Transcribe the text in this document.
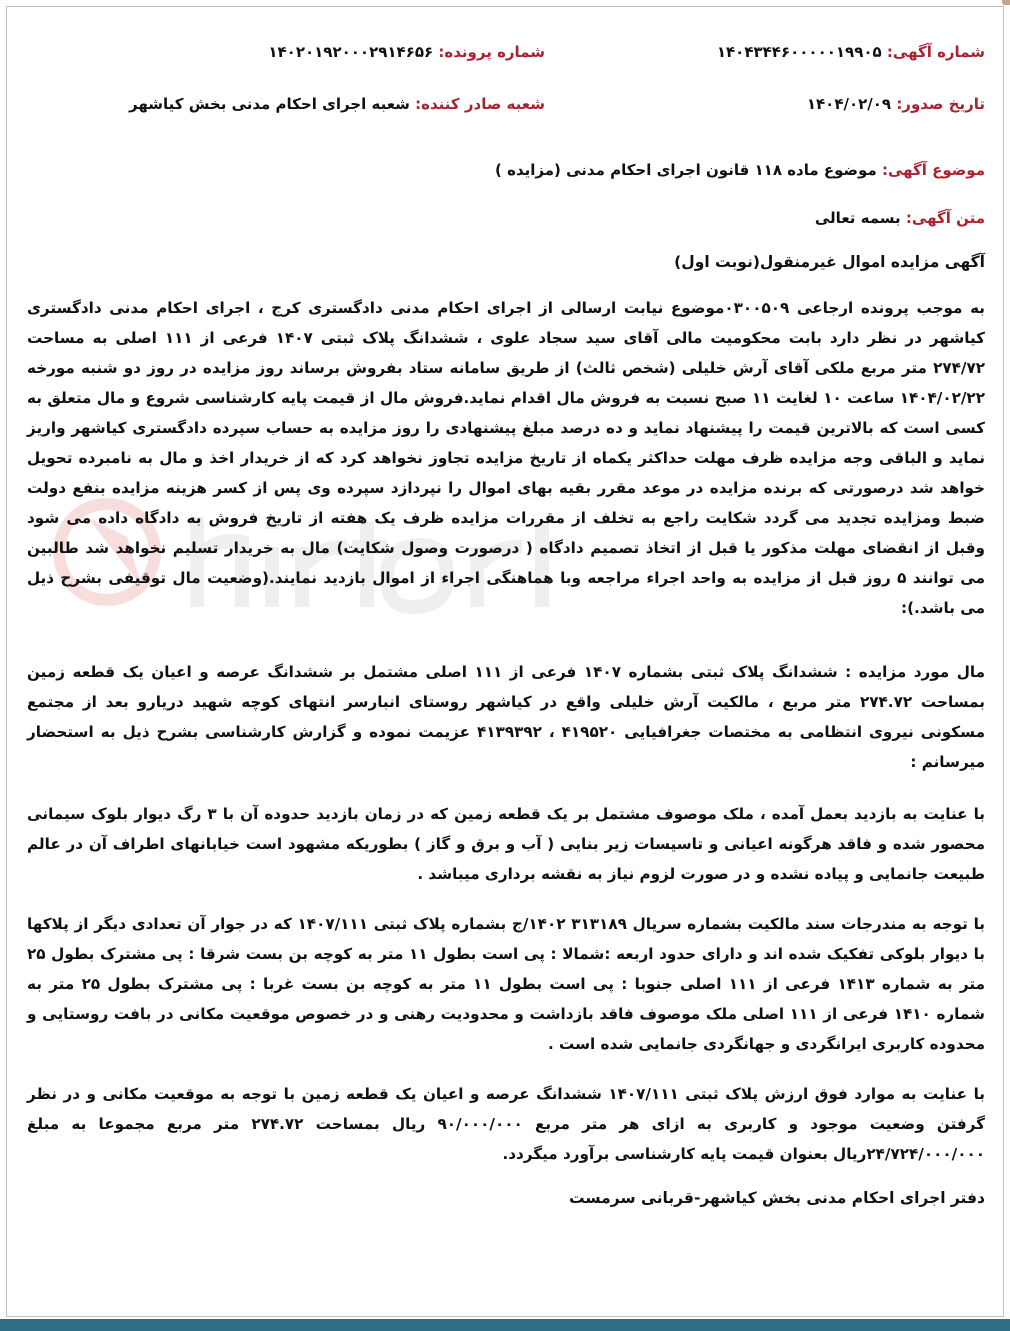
شماره آگهی: ۱۴۰۴۳۴۴۶۰۰۰۰۰۱۹۹۰۵
شماره پرونده: ۱۴۰۲۰۱۹۲۰۰۰۲۹۱۴۶۵۶
تاریخ صدور: ۱۴۰۴/۰۲/۰۹
شعبه صادر کننده: شعبه اجرای احکام مدنی بخش کیاشهر
موضوع آگهی: موضوع ماده ۱۱۸ قانون اجرای احکام مدنی (مزایده )
متن آگهی: بسمه تعالی
آگهی مزایده اموال غیرمنقول(نوبت اول)
به موجب پرونده ارجاعی ۰۳۰۰۵۰۹موضوع نیابت ارسالی از اجرای احکام مدنی دادگستری کرج ، اجرای احکام مدنی دادگستری کیاشهر در نظر دارد بابت محکومیت مالی آقای سید سجاد علوی ، ششدانگ پلاک ثبتی ۱۴۰۷ فرعی از ۱۱۱ اصلی به مساحت ۲۷۴/۷۲ متر مربع ملکی آقای آرش خلیلی (شخص ثالث) از طریق سامانه ستاد بفروش برساند روز مزایده در روز دو شنبه مورخه ۱۴۰۴/۰۲/۲۲ ساعت ۱۰ لغایت ۱۱ صبح نسبت به فروش مال اقدام نماید.فروش مال از قیمت پایه کارشناسی شروع و مال متعلق به کسی است که بالاترین قیمت را پیشنهاد نماید و ده درصد مبلغ پیشنهادی را روز مزایده به حساب سپرده دادگستری کیاشهر واریز نماید و الباقی وجه مزایده ظرف مهلت حداکثر یکماه از تاریخ مزایده تجاوز نخواهد کرد که از خریدار اخذ و مال به نامبرده تحویل خواهد شد درصورتی که برنده مزایده در موعد مقرر بقیه بهای اموال را نپردازد سپرده وی پس از کسر هزینه مزایده بنفع دولت ضبط ومزایده تجدید می گردد شکایت راجع به تخلف از مقررات مزایده ظرف یک هفته از تاریخ فروش به دادگاه داده می شود وقبل از انقضای مهلت مذکور یا قبل از اتخاذ تصمیم دادگاه ( درصورت وصول شکایت) مال به خریدار تسلیم نخواهد شد طالبین می توانند ۵ روز قبل از مزایده به واحد اجراء مراجعه وبا هماهنگی اجراء از اموال بازدید نمایند.(وضعیت مال توقیفی بشرح ذیل می باشد.):
مال مورد مزایده : ششدانگ پلاک ثبتی بشماره ۱۴۰۷ فرعی از ۱۱۱ اصلی مشتمل بر ششدانگ عرصه و اعیان یک قطعه زمین بمساحت ۲۷۴.۷۲ متر مربع ، مالکیت آرش خلیلی واقع در کیاشهر روستای انبارسر انتهای کوچه شهید دریارو بعد از مجتمع مسکونی نیروی انتظامی به مختصات جغرافیایی ۴۱۹۵۲۰ ، ۴۱۳۹۳۹۲ عزیمت نموده و گزارش کارشناسی بشرح ذیل به استحضار میرسانم :
با عنایت به بازدید بعمل آمده ، ملک موصوف مشتمل بر یک قطعه زمین که در زمان بازدید حدوده آن با ۳ رگ دیوار بلوک سیمانی محصور شده و فاقد هرگونه اعیانی و تاسیسات زیر بنایی ( آب و برق و گاز ) بطوریکه مشهود است خیابانهای اطراف آن در عالم طبیعت جانمایی و پیاده نشده و در صورت لزوم نیاز به نقشه برداری میباشد .
با توجه به مندرجات سند مالکیت بشماره سریال ۳۱۳۱۸۹ ۱۴۰۲/ج بشماره پلاک ثبتی ۱۴۰۷/۱۱۱ که در جوار آن تعدادی دیگر از پلاکها با دیوار بلوکی تفکیک شده اند و دارای حدود اربعه :شمالا : پی است بطول ۱۱ متر به کوچه بن بست شرقا : پی مشترک بطول ۲۵ متر به شماره ۱۴۱۳ فرعی از ۱۱۱ اصلی جنوبا : پی است بطول ۱۱ متر به کوچه بن بست غربا : پی مشترک بطول ۲۵ متر به شماره ۱۴۱۰ فرعی از ۱۱۱ اصلی ملک موصوف فاقد بازداشت و محدودیت رهنی و در خصوص موقعیت مکانی در بافت روستایی و محدوده کاربری ایرانگردی و جهانگردی جانمایی شده است .
با عنایت به موارد فوق ارزش پلاک ثبتی ۱۴۰۷/۱۱۱ ششدانگ عرصه و اعیان یک قطعه زمین با توجه به موقعیت مکانی و در نظر گرفتن وضعیت موجود و کاربری به ازای هر متر مربع ۹۰/۰۰۰/۰۰۰ ریال بمساحت ۲۷۴.۷۲ متر مربع مجموعا به مبلغ ۲۴/۷۲۴/۰۰۰/۰۰۰ریال بعنوان قیمت پایه کارشناسی برآورد میگردد.
دفتر اجرای احکام مدنی بخش کیاشهر-قربانی سرمست
